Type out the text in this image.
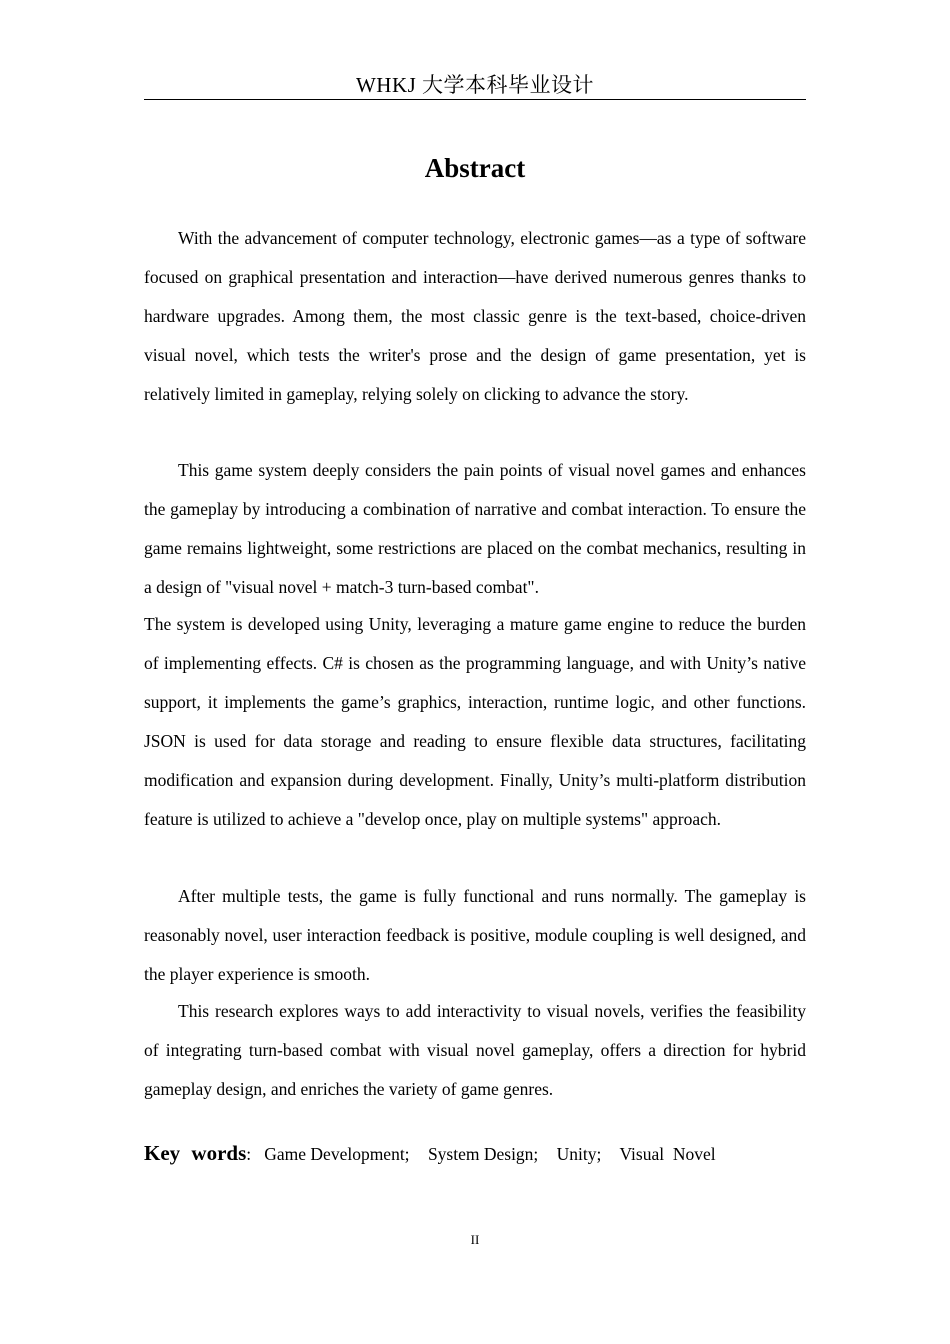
WHKJ 大学本科毕业设计
Abstract

With the advancement of computer technology, electronic games—as a type of software focused on graphical presentation and interaction—have derived numerous genres thanks to hardware upgrades. Among them, the most classic genre is the text-based, choice-driven visual novel, which tests the writer's prose and the design of game presentation, yet is relatively limited in gameplay, relying solely on clicking to advance the story.

This game system deeply considers the pain points of visual novel games and enhances the gameplay by introducing a combination of narrative and combat interaction. To ensure the game remains lightweight, some restrictions are placed on the combat mechanics, resulting in a design of "visual novel + match-3 turn-based combat".

The system is developed using Unity, leveraging a mature game engine to reduce the burden of implementing effects. C# is chosen as the programming language, and with Unity’s native support, it implements the game’s graphics, interaction, runtime logic, and other functions. JSON is used for data storage and reading to ensure flexible data structures, facilitating modification and expansion during development. Finally, Unity’s multi-platform distribution feature is utilized to achieve a "develop once, play on multiple systems" approach.

After multiple tests, the game is fully functional and runs normally. The gameplay is reasonably novel, user interaction feedback is positive, module coupling is well designed, and the player experience is smooth.

This research explores ways to add interactivity to visual novels, verifies the feasibility of integrating turn-based combat with visual novel gameplay, offers a direction for hybrid gameplay design, and enriches the variety of game genres.

Key words: Game Development; System Design; Unity; Visual  Novel
II
